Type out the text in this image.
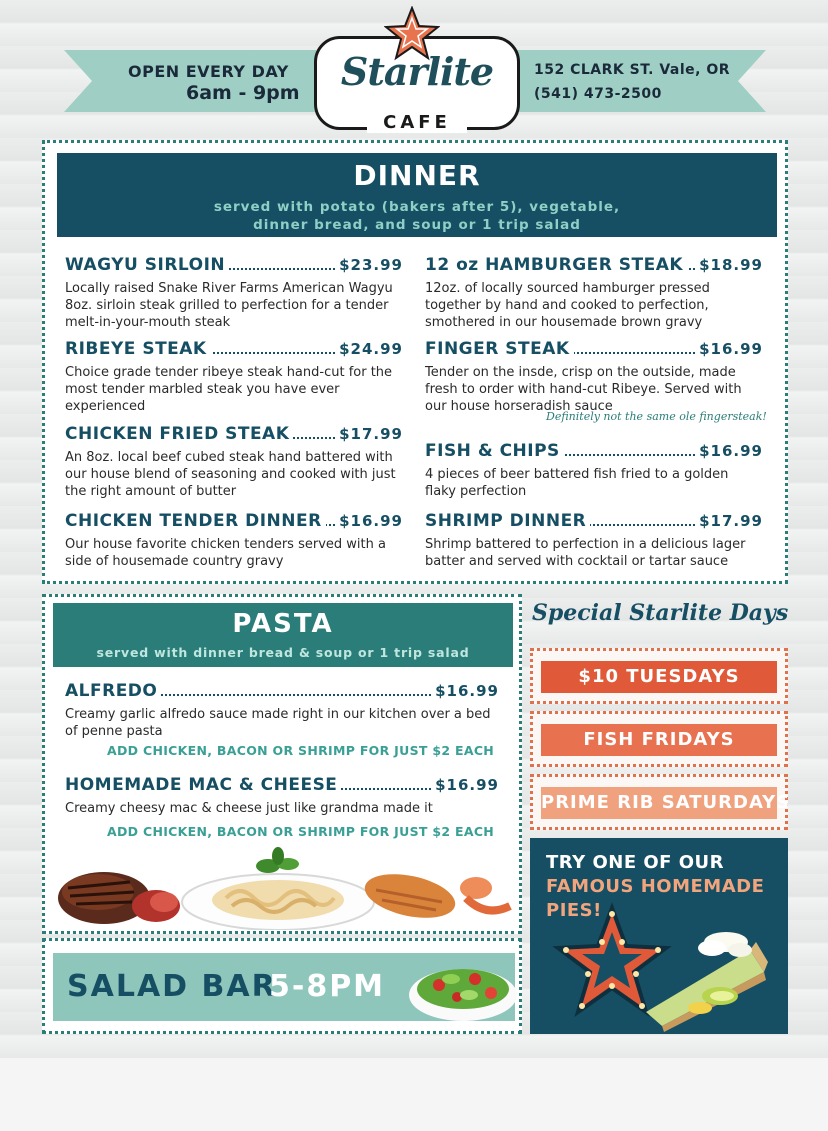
OPEN EVERY DAY
6am - 9pm
152 CLARK ST. Vale, OR
(541) 473-2500
Starlite
CAFE
DINNER
served with potato (bakers after 5), vegetable,
dinner bread, and soup or 1 trip salad
WAGYU SIRLOIN	$23.99
Locally raised Snake River Farms American Wagyu 8oz. sirloin steak grilled to perfection for a tender melt-in-your-mouth steak
RIBEYE STEAK	$24.99
Choice grade tender ribeye steak hand-cut for the most tender marbled steak you have ever experienced
CHICKEN FRIED STEAK	$17.99
An 8oz. local beef cubed steak hand battered with our house blend of seasoning and cooked with just the right amount of butter
CHICKEN TENDER DINNER $16.99
Our house favorite chicken tenders served with a side of housemade country gravy
12 oz HAMBURGER STEAK $18.99
12oz. of locally sourced hamburger pressed together by hand and cooked to perfection, smothered in our housemade brown gravy
FINGER STEAK	$16.99
Tender on the insde, crisp on the outside, made fresh to order with hand-cut Ribeye. Served with our house horseradish sauce
FISH & CHIPS	$16.99
4 pieces of beer battered fish fried to a golden flaky perfection
SHRIMP DINNER	$17.99
Shrimp battered to perfection in a delicious lager batter and served with cocktail or tartar sauce
Definitely not the same ole fingersteak!
PASTA
served with dinner bread & soup or 1 trip salad
ALFREDO	$16.99
Creamy garlic alfredo sauce made right in our kitchen over a bed of penne pasta
ADD CHICKEN, BACON OR SHRIMP FOR JUST $2 EACH
HOMEMADE MAC & CHEESE	$16.99
Creamy cheesy mac & cheese just like grandma made it
ADD CHICKEN, BACON OR SHRIMP FOR JUST $2 EACH
SALAD BAR
5-8PM
Special Starlite Days
$10 TUESDAYS
FISH FRIDAYS
PRIME RIB SATURDAYS
TRY ONE OF OUR
FAMOUS HOMEMADE
PIES!
